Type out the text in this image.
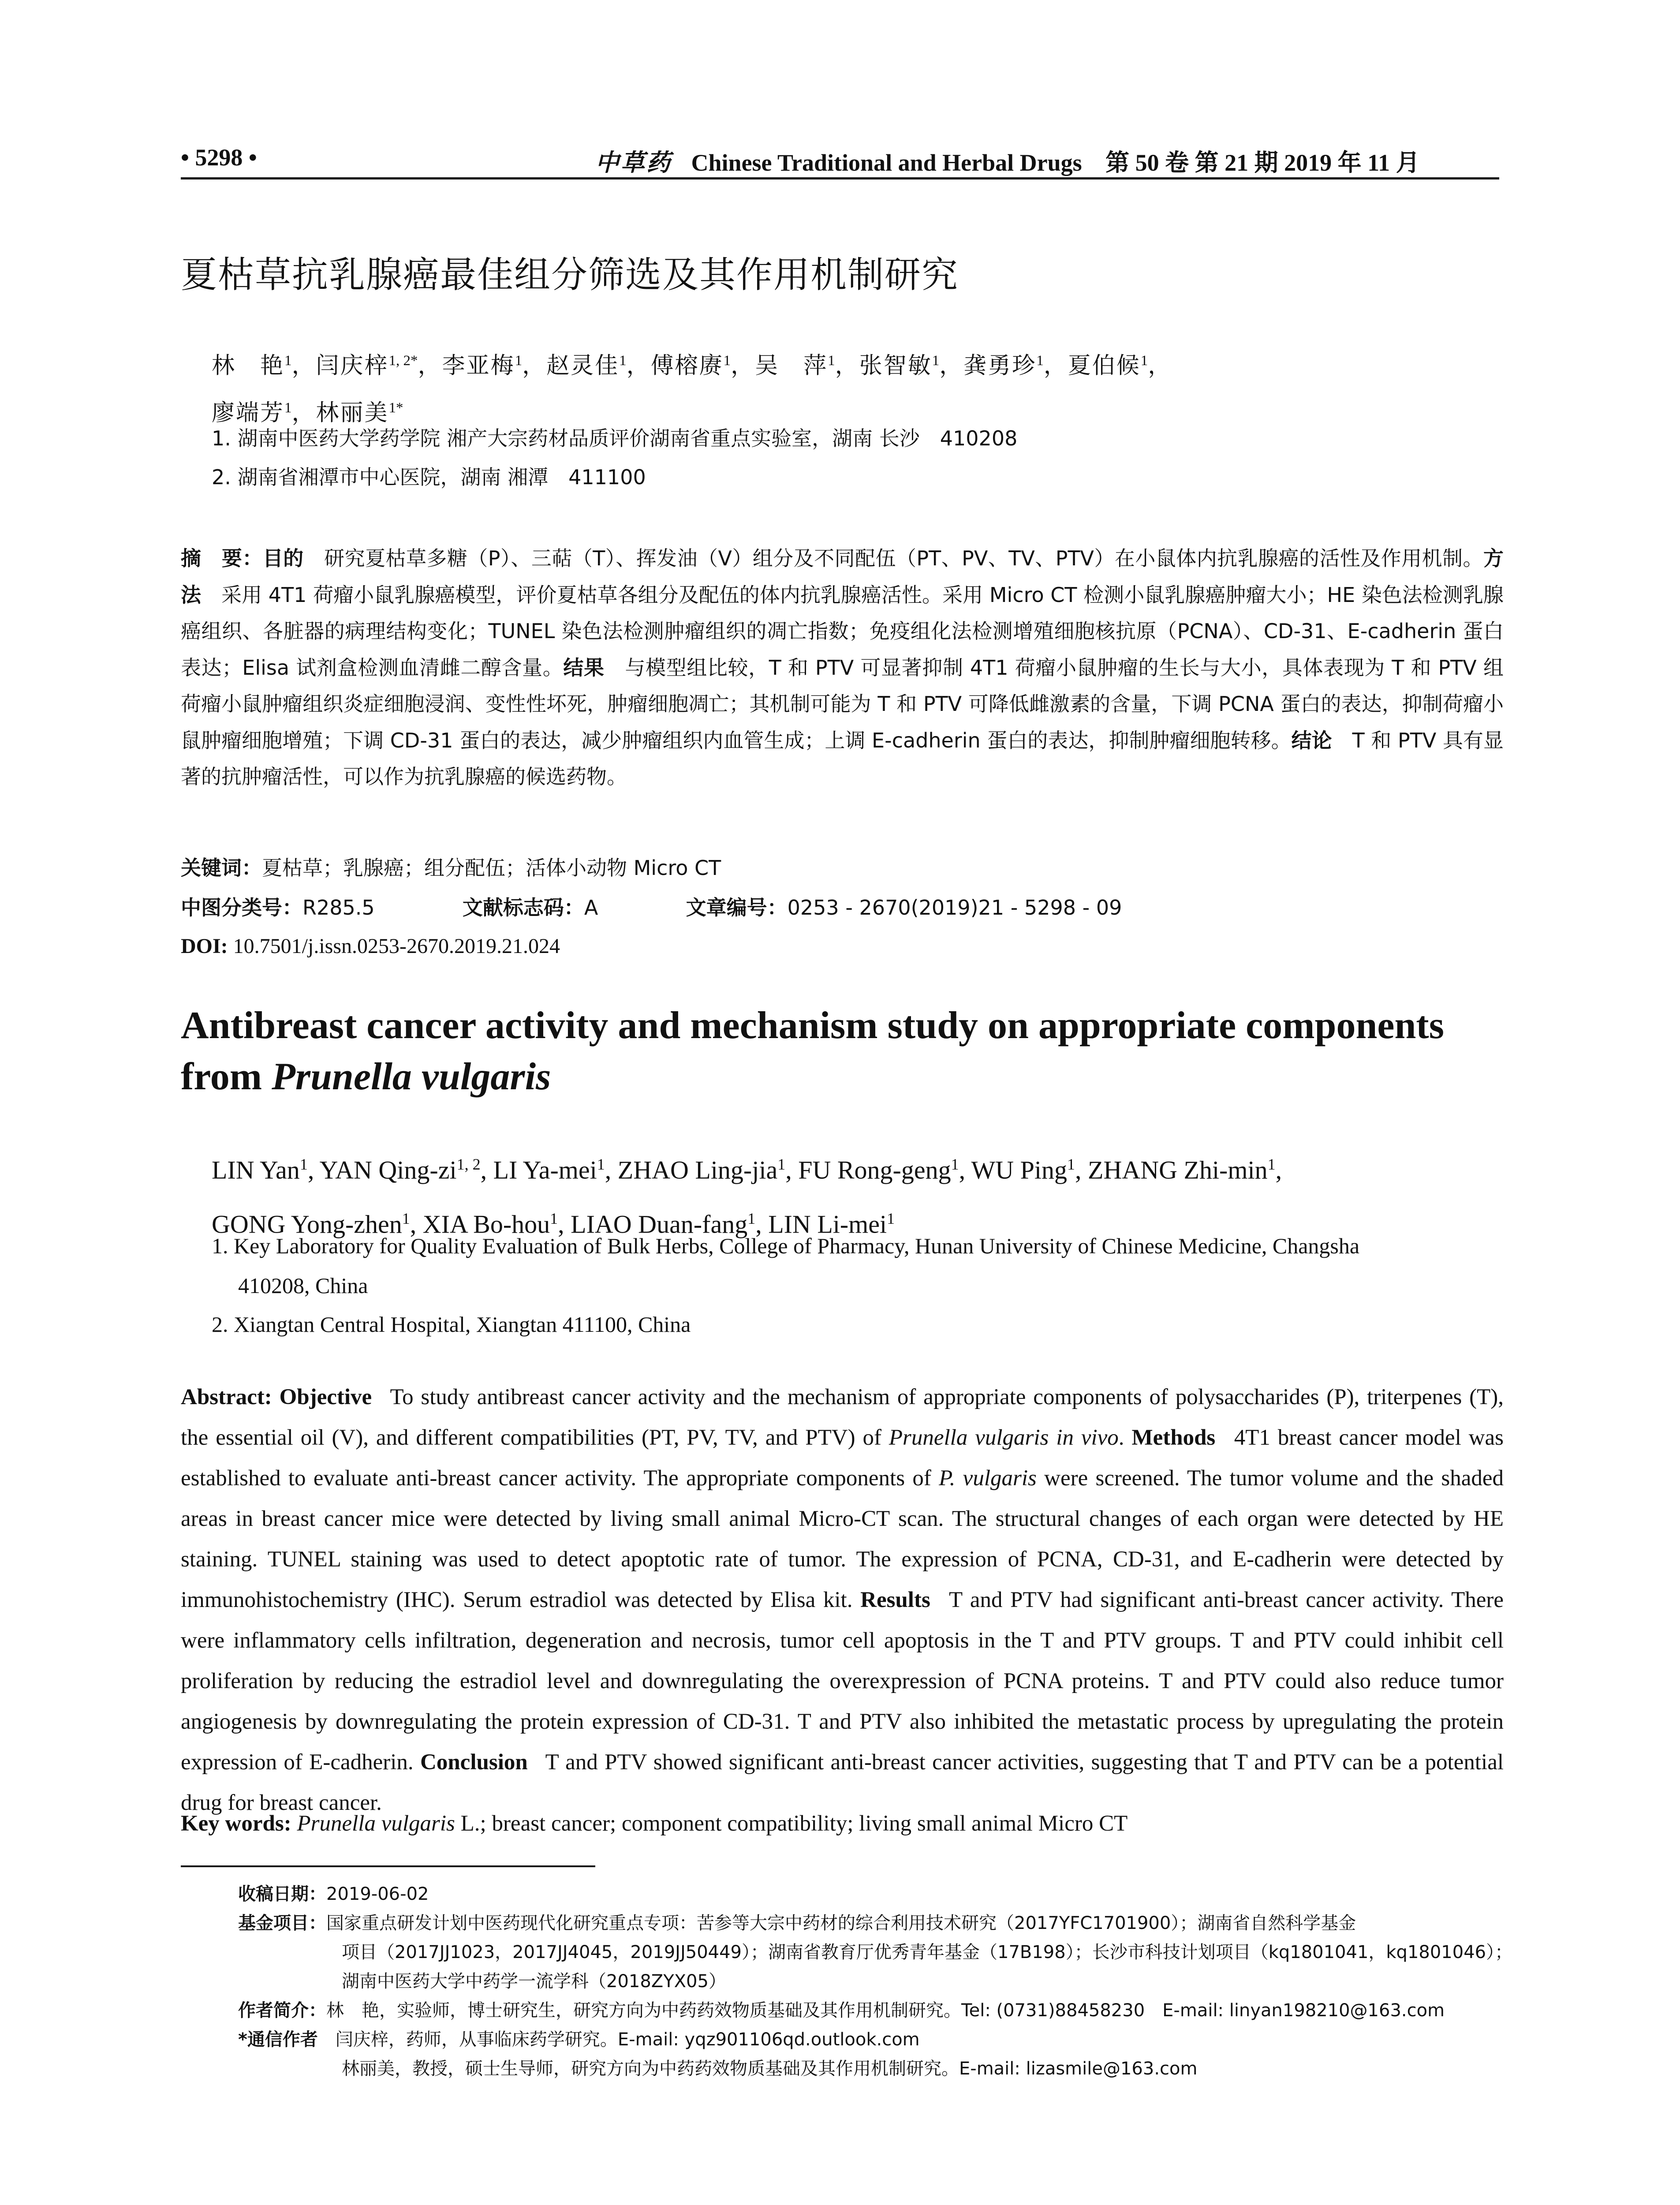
• 5298 •	中草药 Chinese Traditional and Herbal Drugs 第 50 卷 第 21 期 2019 年 11 月
夏枯草抗乳腺癌最佳组分筛选及其作用机制研究
林　艳$^1$，闫庆梓$^{1, 2*}$，李亚梅$^1$，赵灵佳$^1$，傅榕赓$^1$，吴　萍$^1$，张智敏$^1$，龚勇珍$^1$，夏伯候$^1$，
廖端芳$^1$，林丽美$^{1*}$
1. 湖南中医药大学药学院 湘产大宗药材品质评价湖南省重点实验室，湖南 长沙　410208
2. 湖南省湘潭市中心医院，湖南 湘潭　411100
摘　要：目的  研究夏枯草多糖（P）、三萜（T）、挥发油（V）组分及不同配伍（PT、PV、TV、PTV）在小鼠体内抗乳腺癌的活性及作用机制。方法  采用 4T1 荷瘤小鼠乳腺癌模型，评价夏枯草各组分及配伍的体内抗乳腺癌活性。采用 Micro CT 检测小鼠乳腺癌肿瘤大小；HE 染色法检测乳腺癌组织、各脏器的病理结构变化；TUNEL 染色法检测肿瘤组织的凋亡指数；免疫组化法检测增殖细胞核抗原（PCNA）、CD-31、E-cadherin 蛋白表达；Elisa 试剂盒检测血清雌二醇含量。结果  与模型组比较，T 和 PTV 可显著抑制 4T1 荷瘤小鼠肿瘤的生长与大小，具体表现为 T 和 PTV 组荷瘤小鼠肿瘤组织炎症细胞浸润、变性性坏死，肿瘤细胞凋亡；其机制可能为 T 和 PTV 可降低雌激素的含量，下调 PCNA 蛋白的表达，抑制荷瘤小鼠肿瘤细胞增殖；下调 CD-31 蛋白的表达，减少肿瘤组织内血管生成；上调 E-cadherin 蛋白的表达，抑制肿瘤细胞转移。结论  T 和 PTV 具有显著的抗肿瘤活性，可以作为抗乳腺癌的候选药物。
关键词：夏枯草；乳腺癌；组分配伍；活体小动物 Micro CT
中图分类号：R285.5	文献标志码：A	文章编号：0253 - 2670(2019)21 - 5298 - 09
DOI: 10.7501/j.issn.0253-2670.2019.21.024
Antibreast cancer activity and mechanism study on appropriate components from Prunella vulgaris
LIN Yan$^1$, YAN Qing-zi$^{1, 2}$, LI Ya-mei$^1$, ZHAO Ling-jia$^1$, FU Rong-geng$^1$, WU Ping$^1$, ZHANG Zhi-$\min^1$,
GONG Yong-zhen$^1$, XIA Bo-hou$^1$, LIAO Duan-fang$^1$, LIN Li-mei$^1$
1. Key Laboratory for Quality Evaluation of Bulk Herbs, College of Pharmacy, Hunan University of Chinese Medicine, Changsha
410208, China
2. Xiangtan Central Hospital, Xiangtan 411100, China
Abstract: Objective  To study antibreast cancer activity and the mechanism of appropriate components of polysaccharides (P), triterpenes (T), the essential oil (V), and different compatibilities (PT, PV, TV, and PTV) of Prunella vulgaris in vivo. Methods  4T1 breast cancer model was established to evaluate anti-breast cancer activity. The appropriate components of P. vulgaris were screened. The tumor volume and the shaded areas in breast cancer mice were detected by living small animal Micro-CT scan. The structural changes of each organ were detected by HE staining. TUNEL staining was used to detect apoptotic rate of tumor. The expression of PCNA, CD-31, and E-cadherin were detected by immunohistochemistry (IHC). Serum estradiol was detected by Elisa kit. Results  T and PTV had significant anti-breast cancer activity. There were inflammatory cells infiltration, degeneration and necrosis, tumor cell apoptosis in the T and PTV groups. T and PTV could inhibit cell proliferation by reducing the estradiol level and downregulating the overexpression of PCNA proteins. T and PTV could also reduce tumor angiogenesis by downregulating the protein expression of CD-31. T and PTV also inhibited the metastatic process by upregulating the protein expression of E-cadherin. Conclusion  T and PTV showed significant anti-breast cancer activities, suggesting that T and PTV can be a potential drug for breast cancer.
Key words: Prunella vulgaris L.; breast cancer; component compatibility; living small animal Micro CT
收稿日期：2019-06-02
基金项目：国家重点研发计划中医药现代化研究重点专项：苦参等大宗中药材的综合利用技术研究（2017YFC1701900）；湖南省自然科学基金
项目（2017JJ1023，2017JJ4045，2019JJ50449）；湖南省教育厅优秀青年基金（17B198）；长沙市科技计划项目（kq1801041，kq1801046）；
湖南中医药大学中药学一流学科（2018ZYX05）
作者简介：林　艳，实验师，博士研究生，研究方向为中药药效物质基础及其作用机制研究。Tel: (0731)88458230　E-mail: linyan198210@163.com
*通信作者  闫庆梓，药师，从事临床药学研究。E-mail: yqz901106qd.outlook.com
林丽美，教授，硕士生导师，研究方向为中药药效物质基础及其作用机制研究。E-mail: lizasmile@163.com
